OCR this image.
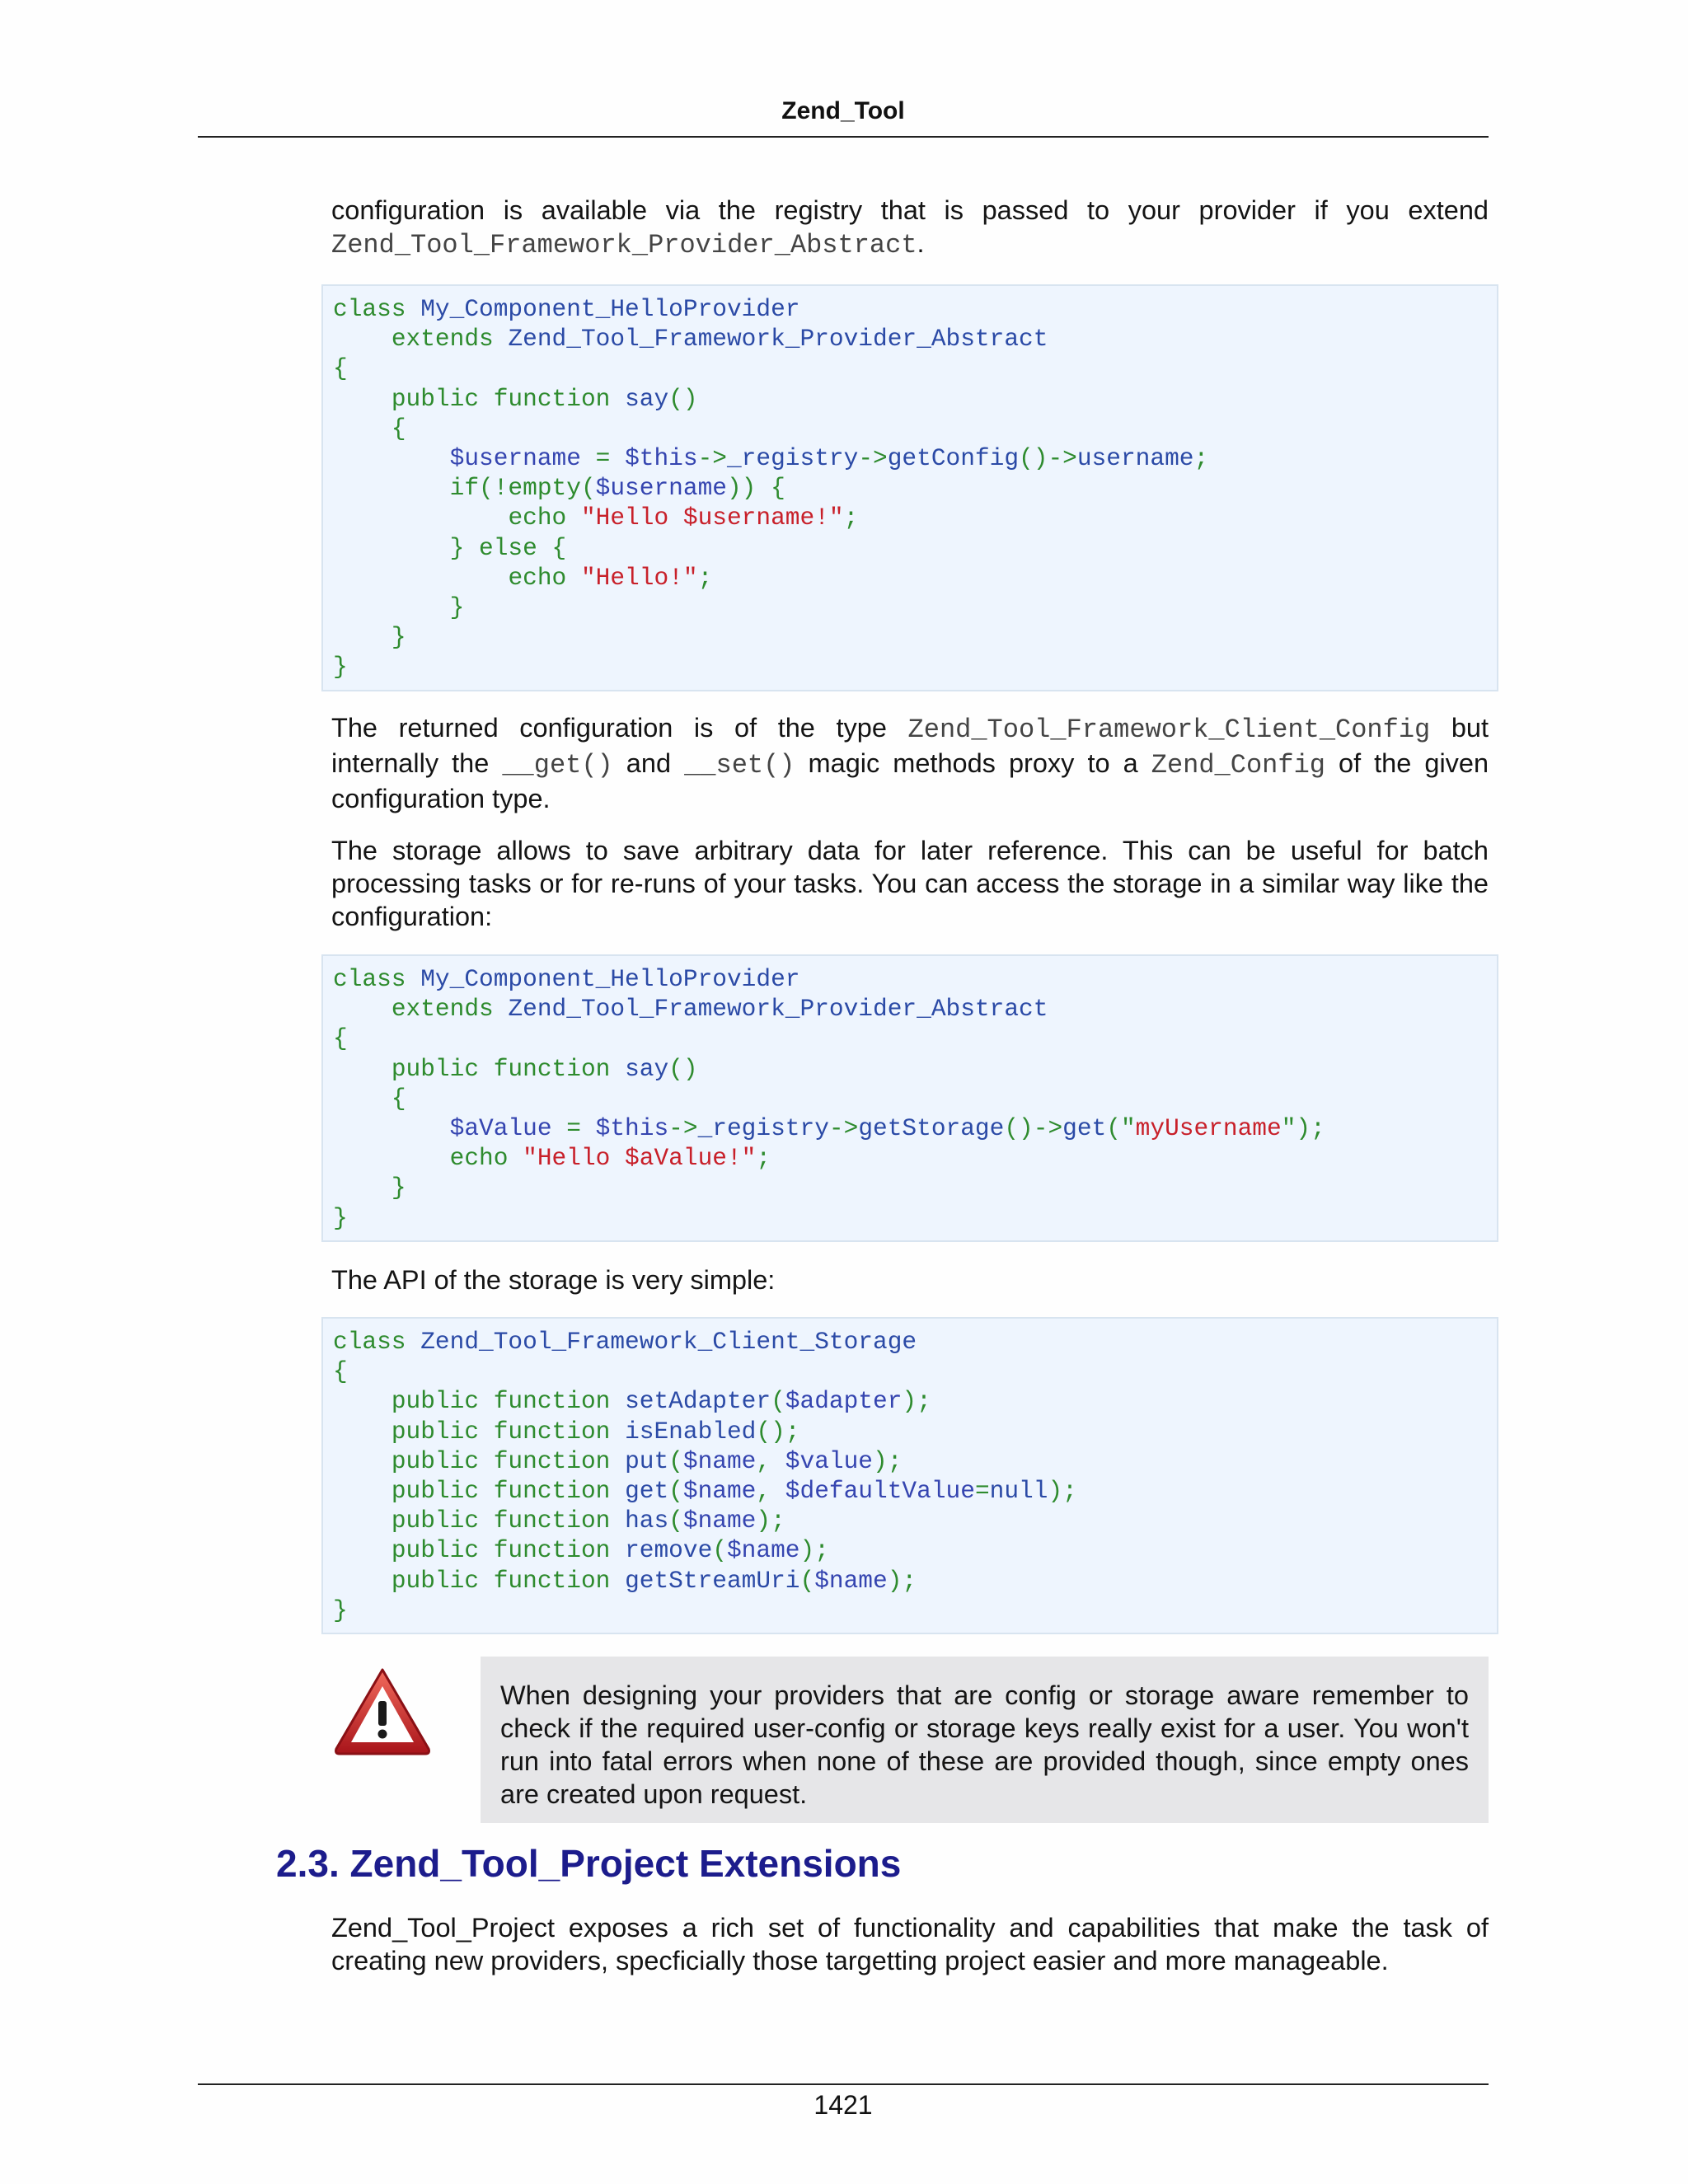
Zend_Tool
configuration is available via the registry that is passed to your provider if you extend Zend_Tool_Framework_Provider_Abstract.
class My_Component_HelloProvider
extends Zend_Tool_Framework_Provider_Abstract
{
public function say()
{
$username = $this->_registry->getConfig()->username;
if(!empty($username)) {
echo "Hello $username!";
} else {
echo "Hello!";
}
}
}
The returned configuration is of the type Zend_Tool_Framework_Client_Config but internally the __get() and __set() magic methods proxy to a Zend_Config of the given configuration type.
The storage allows to save arbitrary data for later reference. This can be useful for batch processing tasks or for re-runs of your tasks. You can access the storage in a similar way like the configuration:
class My_Component_HelloProvider
extends Zend_Tool_Framework_Provider_Abstract
{
public function say()
{
$aValue = $this->_registry->getStorage()->get("myUsername");
echo "Hello $aValue!";
}
}
The API of the storage is very simple:
class Zend_Tool_Framework_Client_Storage
{
public function setAdapter($adapter);
public function isEnabled();
public function put($name, $value);
public function get($name, $defaultValue=null);
public function has($name);
public function remove($name);
public function getStreamUri($name);
}
When designing your providers that are config or storage aware remember to check if the required user-config or storage keys really exist for a user. You won't run into fatal errors when none of these are provided though, since empty ones are created upon request.
2.3. Zend_Tool_Project Extensions
Zend_Tool_Project exposes a rich set of functionality and capabilities that make the task of creating new providers, specficially those targetting project easier and more manageable.
1421
